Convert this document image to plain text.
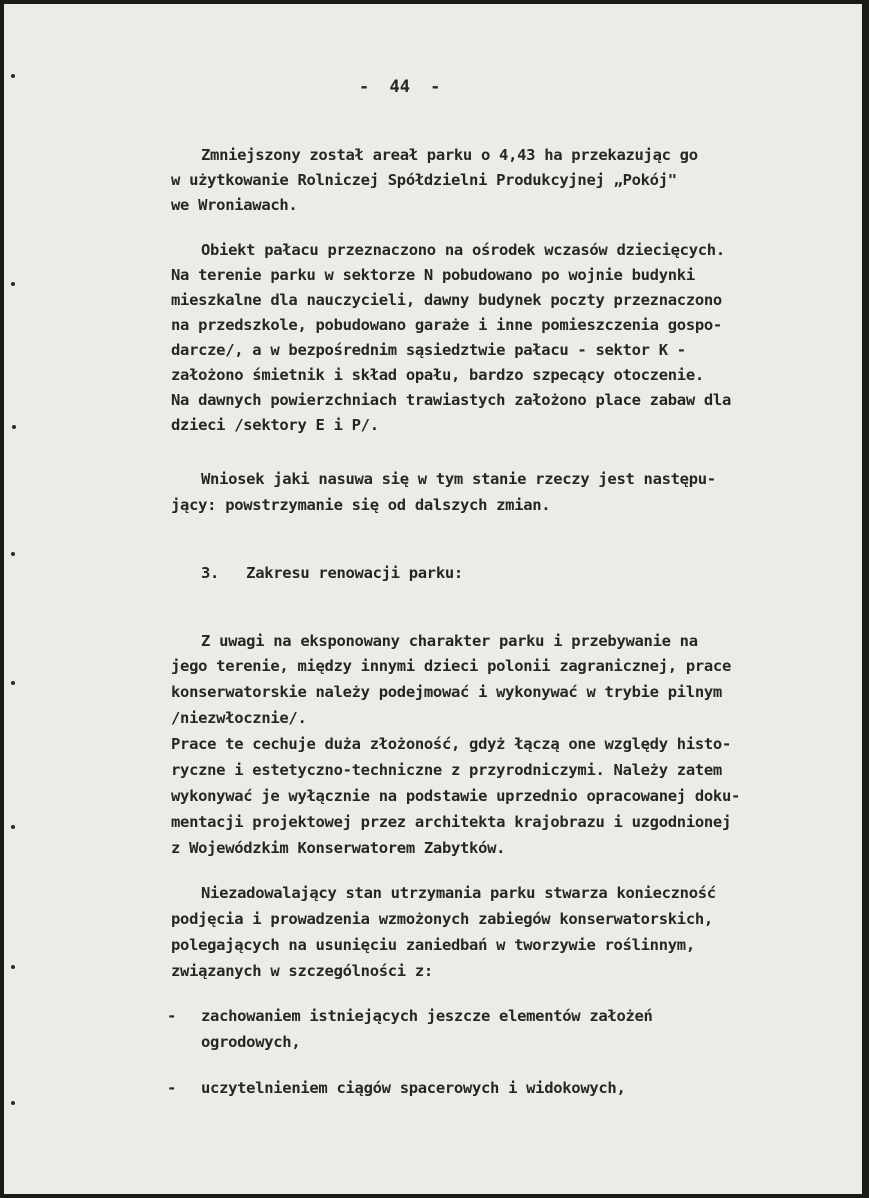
- 44 -
Zmniejszony został areał parku o 4,43 ha przekazując go
w użytkowanie Rolniczej Spółdzielni Produkcyjnej „Pokój"
we Wroniawach.
Obiekt pałacu przeznaczono na ośrodek wczasów dziecięcych.
Na terenie parku w sektorze N pobudowano po wojnie budynki
mieszkalne dla nauczycieli, dawny budynek poczty przeznaczono
na przedszkole, pobudowano garaże i inne pomieszczenia gospo-
darcze/, a w bezpośrednim sąsiedztwie pałacu - sektor K -
założono śmietnik i skład opału, bardzo szpecący otoczenie.
Na dawnych powierzchniach trawiastych założono place zabaw dla
dzieci /sektory E i P/.
Wniosek jaki nasuwa się w tym stanie rzeczy jest następu-
jący: powstrzymanie się od dalszych zmian.
3.   Zakresu renowacji parku:
Z uwagi na eksponowany charakter parku i przebywanie na
jego terenie, między innymi dzieci polonii zagranicznej, prace
konserwatorskie należy podejmować i wykonywać w trybie pilnym
/niezwłocznie/.
Prace te cechuje duża złożoność, gdyż łączą one względy histo-
ryczne i estetyczno-techniczne z przyrodniczymi. Należy zatem
wykonywać je wyłącznie na podstawie uprzednio opracowanej doku-
mentacji projektowej przez architekta krajobrazu i uzgodnionej
z Wojewódzkim Konserwatorem Zabytków.
Niezadowalający stan utrzymania parku stwarza konieczność
podjęcia i prowadzenia wzmożonych zabiegów konserwatorskich,
polegających na usunięciu zaniedbań w tworzywie roślinnym,
związanych w szczególności z:
- zachowaniem istniejących jeszcze elementów założeń
ogrodowych,
- uczytelnieniem ciągów spacerowych i widokowych,
